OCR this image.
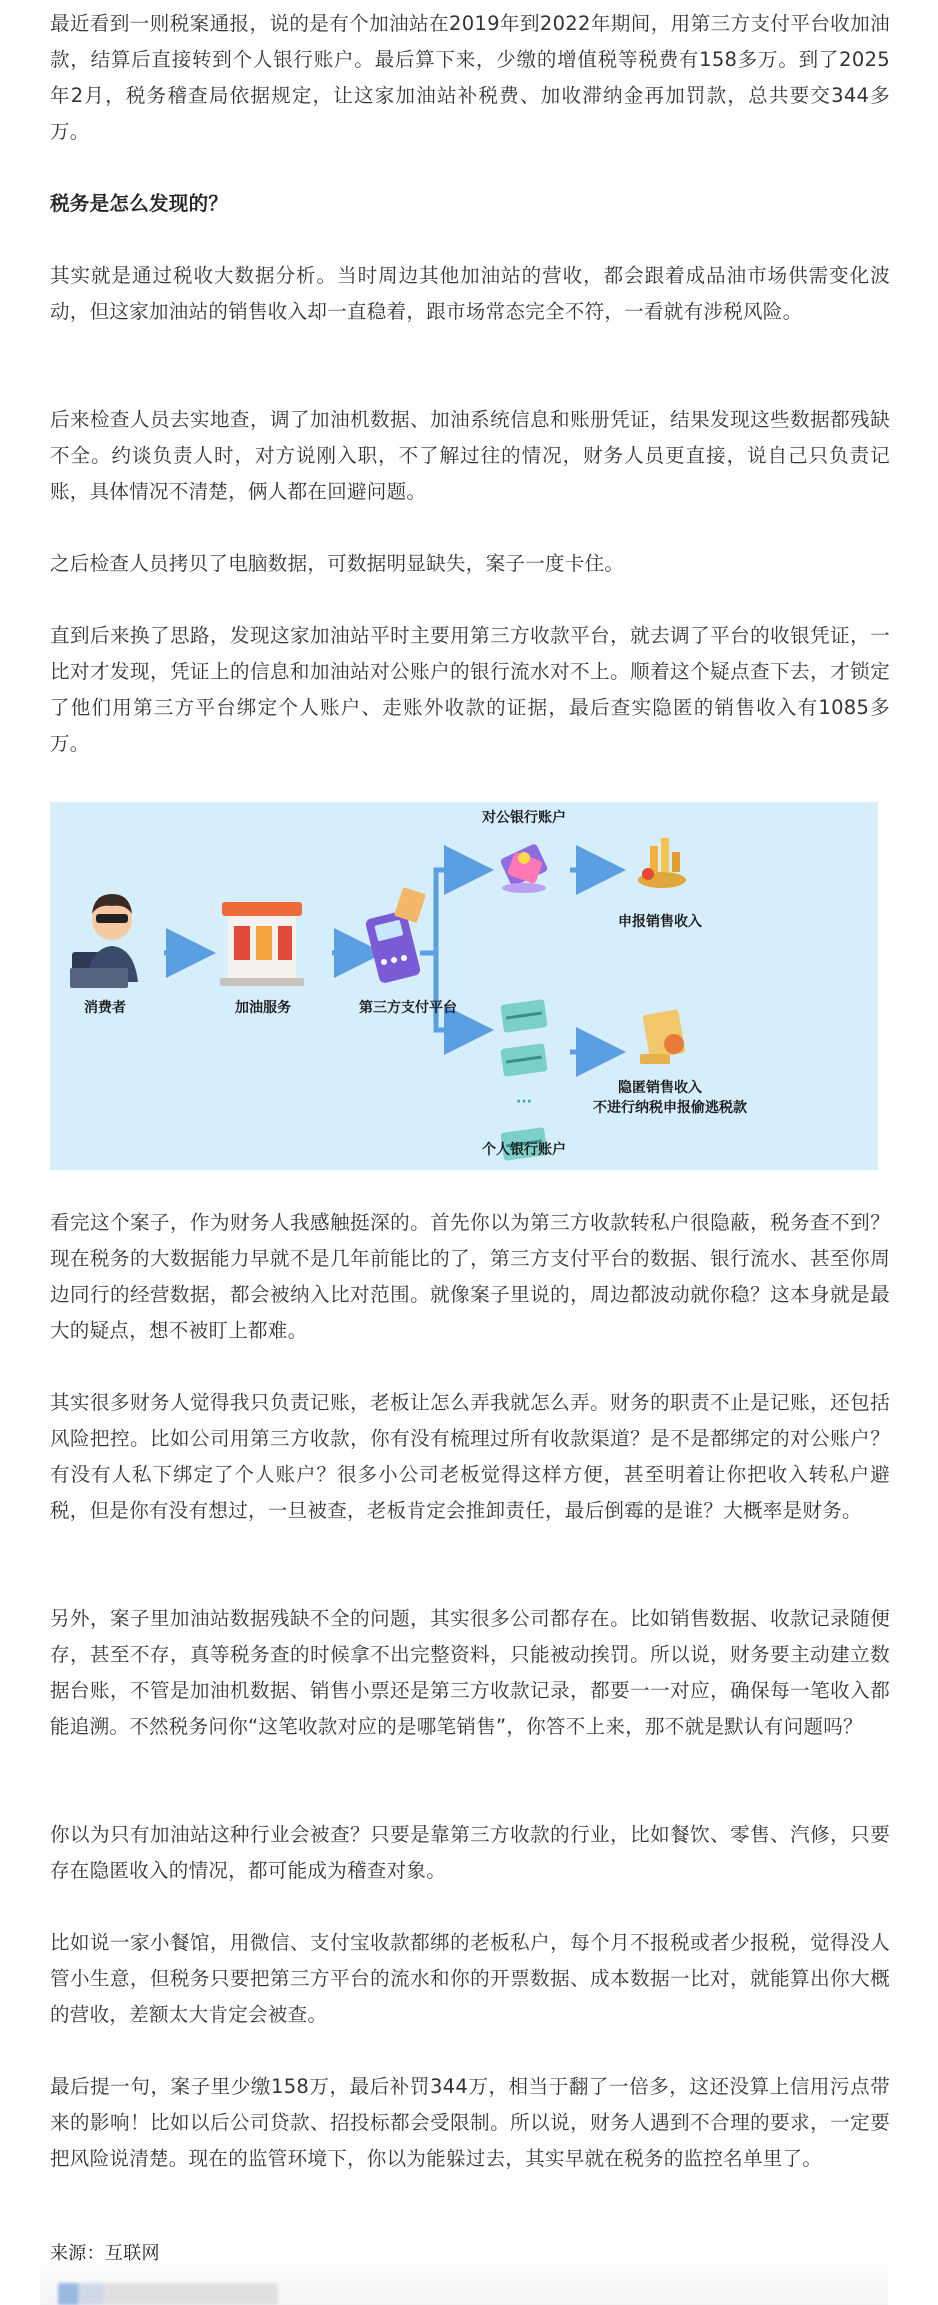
最近看到一则税案通报，说的是有个加油站在2019年到2022年期间，用第三方支付平台收加油款，结算后直接转到个人银行账户。最后算下来，少缴的增值税等税费有158多万。到了2025年2月，税务稽查局依据规定，让这家加油站补税费、加收滞纳金再加罚款，总共要交344多万。

税务是怎么发现的？

其实就是通过税收大数据分析。当时周边其他加油站的营收，都会跟着成品油市场供需变化波动，但这家加油站的销售收入却一直稳着，跟市场常态完全不符，一看就有涉税风险。

后来检查人员去实地查，调了加油机数据、加油系统信息和账册凭证，结果发现这些数据都残缺不全。约谈负责人时，对方说刚入职，不了解过往的情况，财务人员更直接，说自己只负责记账，具体情况不清楚，俩人都在回避问题。

之后检查人员拷贝了电脑数据，可数据明显缺失，案子一度卡住。

直到后来换了思路，发现这家加油站平时主要用第三方收款平台，就去调了平台的收银凭证，一比对才发现，凭证上的信息和加油站对公账户的银行流水对不上。顺着这个疑点查下去，才锁定了他们用第三方平台绑定个人账户、走账外收款的证据，最后查实隐匿的销售收入有1085多万。

看完这个案子，作为财务人我感触挺深的。首先你以为第三方收款转私户很隐蔽，税务查不到？现在税务的大数据能力早就不是几年前能比的了，第三方支付平台的数据、银行流水、甚至你周边同行的经营数据，都会被纳入比对范围。就像案子里说的，周边都波动就你稳？这本身就是最大的疑点，想不被盯上都难。

其实很多财务人觉得我只负责记账，老板让怎么弄我就怎么弄。财务的职责不止是记账，还包括风险把控。比如公司用第三方收款，你有没有梳理过所有收款渠道？是不是都绑定的对公账户？有没有人私下绑定了个人账户？很多小公司老板觉得这样方便，甚至明着让你把收入转私户避税，但是你有没有想过，一旦被查，老板肯定会推卸责任，最后倒霉的是谁？大概率是财务。

另外，案子里加油站数据残缺不全的问题，其实很多公司都存在。比如销售数据、收款记录随便存，甚至不存，真等税务查的时候拿不出完整资料，只能被动挨罚。所以说，财务要主动建立数据台账，不管是加油机数据、销售小票还是第三方收款记录，都要一一对应，确保每一笔收入都能追溯。不然税务问你“这笔收款对应的是哪笔销售”，你答不上来，那不就是默认有问题吗？

你以为只有加油站这种行业会被查？只要是靠第三方收款的行业，比如餐饮、零售、汽修，只要存在隐匿收入的情况，都可能成为稽查对象。

比如说一家小餐馆，用微信、支付宝收款都绑的老板私户，每个月不报税或者少报税，觉得没人管小生意，但税务只要把第三方平台的流水和你的开票数据、成本数据一比对，就能算出你大概的营收，差额太大肯定会被查。

最后提一句，案子里少缴158万，最后补罚344万，相当于翻了一倍多，这还没算上信用污点带来的影响！比如以后公司贷款、招投标都会受限制。所以说，财务人遇到不合理的要求，一定要把风险说清楚。现在的监管环境下，你以为能躲过去，其实早就在税务的监控名单里了。

消费者	加油服务	第三方支付平台
对公银行账户
申报销售收入
···
隐匿销售收入
不进行纳税申报偷逃税款
个人银行账户
来源：互联网
